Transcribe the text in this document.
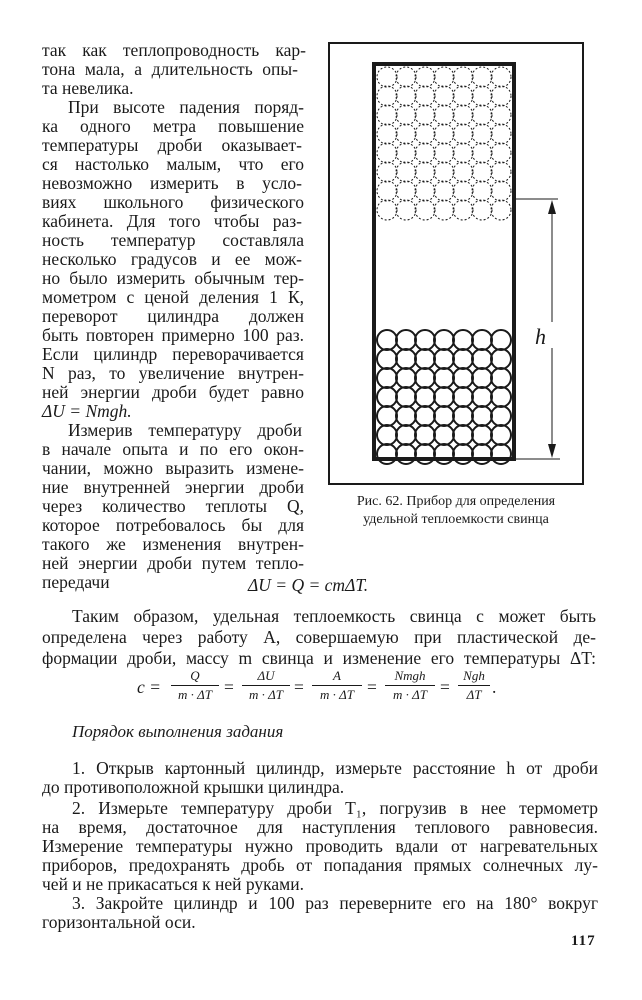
так как теплопроводность кар-
тона мала, а длительность опы-
та невелика.
При высоте падения поряд-
ка одного метра повышение
температуры дроби оказывает-
ся настолько малым, что его
невозможно измерить в усло-
виях школьного физического
кабинета. Для того чтобы раз-
ность температур составляла
несколько градусов и ее мож-
но было измерить обычным тер-
мометром с ценой деления 1 К,
переворот цилиндра должен
быть повторен примерно 100 раз.
Если цилиндр переворачивается
N раз, то увеличение внутрен-
ней энергии дроби будет равно
ΔU = Nmgh.
Измерив температуру дроби
в начале опыта и по его окон-
чании, можно выразить измене-
ние внутренней энергии дроби
через количество теплоты Q,
которое потребовалось бы для
такого же изменения внутрен-
ней энергии дроби путем тепло-
передачи
h
Рис. 62. Прибор для определения
удельной теплоемкости свинца
ΔU = Q = cmΔT.
Таким образом, удельная теплоемкость свинца c может быть
определена через работу A, совершаемую при пластической де-
формации дроби, массу m свинца и изменение его температуры ΔT:
$c = \frac{Q}{m \cdot \Delta T} = \frac{\Delta U}{m \cdot \Delta T} = \frac{A}{m \cdot \Delta T}$ =
Nmgh
m · ΔT =
Ngh
ΔT .
Порядок выполнения задания
1. Открыв картонный цилиндр, измерьте расстояние h от дроби
до противоположной крышки цилиндра.
2. Измерьте температуру дроби T₁, погрузив в нее термометр
на время, достаточное для наступления теплового равновесия.
Измерение температуры нужно проводить вдали от нагревательных
приборов, предохранять дробь от попадания прямых солнечных лу-
чей и не прикасаться к ней руками.
3. Закройте цилиндр и 100 раз переверните его на 180° вокруг
горизонтальной оси.
117
